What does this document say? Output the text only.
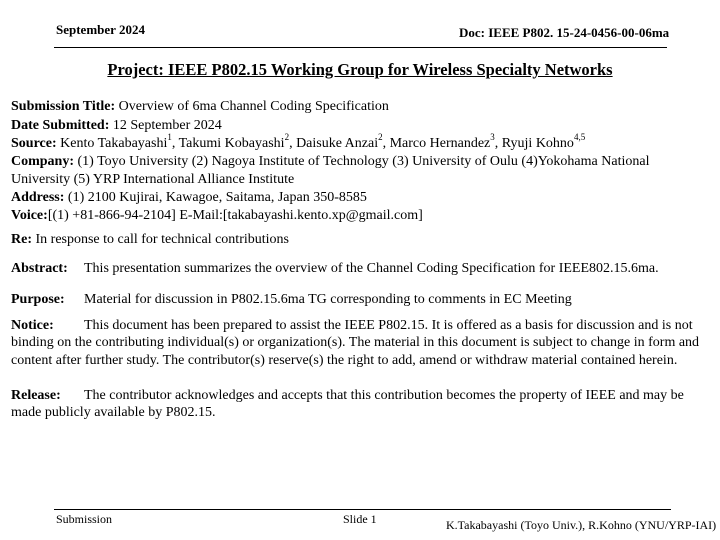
September 2024	Doc: IEEE P802. 15-24-0456-00-06ma
Project: IEEE P802.15 Working Group for Wireless Specialty Networks
Submission Title: Overview of 6ma Channel Coding Specification
Date Submitted: 12 September 2024
Source: Kento Takabayashi$^1$, Takumi Kobayashi$^2$, Daisuke Anzai$^2$, Marco Hernandez$^3$, Ryuji Kohno$^{4,5}$
Company: (1) Toyo University (2) Nagoya Institute of Technology (3) University of Oulu (4)Yokohama National
University (5) YRP International Alliance Institute
Address: (1) 2100 Kujirai, Kawagoe, Saitama, Japan 350-8585
Voice:[(1) +81-866-94-2104] E-Mail:[takabayashi.kento.xp@gmail.com]
Re: In response to call for technical contributions
Abstract: This presentation summarizes the overview of the Channel Coding Specification for IEEE802.15.6ma.
Purpose: Material for discussion in P802.15.6ma TG corresponding to comments in EC Meeting
Notice: This document has been prepared to assist the IEEE P802.15. It is offered as a basis for discussion and is not binding on the contributing individual(s) or organization(s). The material in this document is subject to change in form and content after further study. The contributor(s) reserve(s) the right to add, amend or withdraw material contained herein.
Release: The contributor acknowledges and accepts that this contribution becomes the property of IEEE and may be made publicly available by P802.15.
Submission	Slide 1	K.Takabayashi (Toyo Univ.), R.Kohno (YNU/YRP-IAI)
